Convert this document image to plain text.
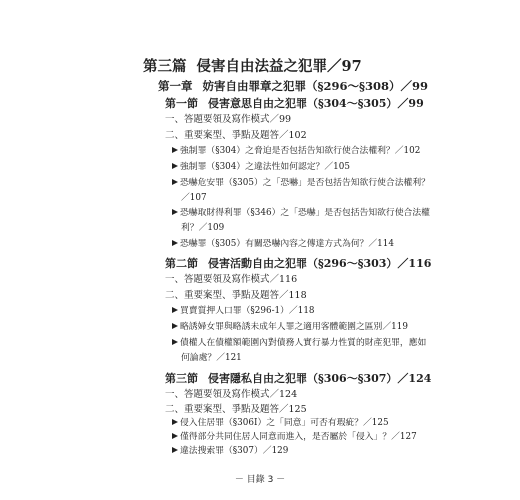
第三篇 侵害自由法益之犯罪／97
第一章 妨害自由罪章之犯罪（§296～§308）／99
第一節 侵害意思自由之犯罪（§304～§305）／99
一、答題要領及寫作模式／99
二、重要案型、爭點及題答／102
強制罪（§304）之脅迫是否包括告知欲行使合法權利？／102
強制罪（§304）之違法性如何認定？／105
恐嚇危安罪（§305）之「恐嚇」是否包括告知欲行使合法權利？
／107
恐嚇取財得利罪（§346）之「恐嚇」是否包括告知欲行使合法權
利？／109
恐嚇罪（§305）有關恐嚇內容之傳達方式為何？／114
第二節 侵害活動自由之犯罪（§296～§303）／116
一、答題要領及寫作模式／116
二、重要案型、爭點及題答／118
買賣質押人口罪（§296-1）／118
略誘婦女罪與略誘未成年人罪之適用客體範圍之區別／119
債權人在債權額範圍內對債務人實行暴力性質的財產犯罪，應如
何論處？／121
第三節 侵害隱私自由之犯罪（§306～§307）／124
一、答題要領及寫作模式／124
二、重要案型、爭點及題答／125
侵入住居罪（§306Ⅰ）之「同意」可否有瑕疵？／125
僅得部分共同住居人同意而進入，是否屬於「侵入」？／127
違法搜索罪（§307）／129
－ 目錄 3 －
